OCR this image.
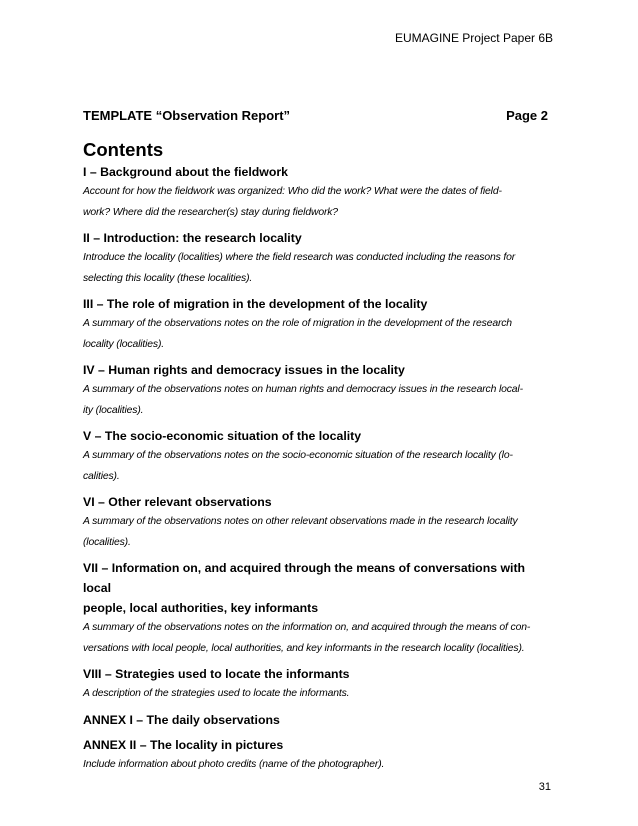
EUMAGINE Project Paper 6B
TEMPLATE “Observation Report”	Page 2
Contents
I – Background about the fieldwork
Account for how the fieldwork was organized: Who did the work? What were the dates of field-
work? Where did the researcher(s) stay during fieldwork?
II – Introduction: the research locality
Introduce the locality (localities) where the field research was conducted including the reasons for
selecting this locality (these localities).
III – The role of migration in the development of the locality
A summary of the observations notes on the role of migration in the development of the research
locality (localities).
IV – Human rights and democracy issues in the locality
A summary of the observations notes on human rights and democracy issues in the research local-
ity (localities).
V – The socio-economic situation of the locality
A summary of the observations notes on the socio-economic situation of the research locality (lo-
calities).
VI – Other relevant observations
A summary of the observations notes on other relevant observations made in the research locality
(localities).
VII – Information on, and acquired through the means of conversations with local
people, local authorities, key informants
A summary of the observations notes on the information on, and acquired through the means of con-
versations with local people, local authorities, and key informants in the research locality (localities).
VIII – Strategies used to locate the informants
A description of the strategies used to locate the informants.
ANNEX I – The daily observations
ANNEX II – The locality in pictures
Include information about photo credits (name of the photographer).
31
